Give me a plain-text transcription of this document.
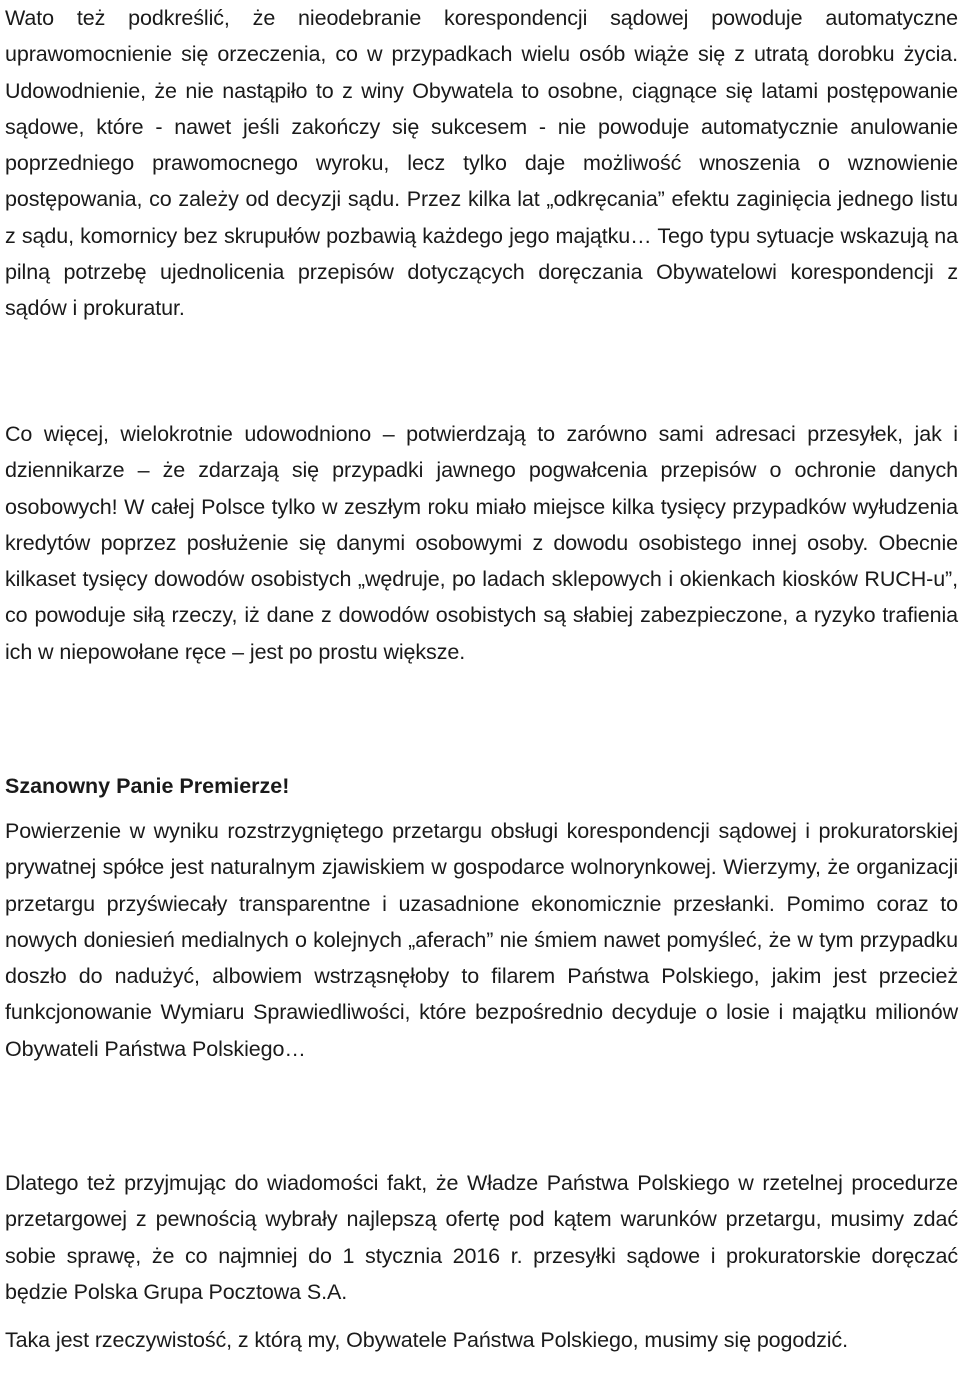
Wato też podkreślić, że nieodebranie korespondencji sądowej powoduje automatyczne uprawomocnienie się orzeczenia, co w przypadkach wielu osób wiąże się z utratą dorobku życia. Udowodnienie, że nie nastąpiło to z winy Obywatela to osobne, ciągnące się latami postępowanie sądowe, które - nawet jeśli zakończy się sukcesem - nie powoduje automatycznie anulowanie poprzedniego prawomocnego wyroku, lecz tylko daje możliwość wnoszenia o wznowienie postępowania, co zależy od decyzji sądu. Przez kilka lat „odkręcania” efektu zaginięcia jednego listu z sądu, komornicy bez skrupułów pozbawią każdego jego majątku… Tego typu sytuacje wskazują na pilną potrzebę ujednolicenia przepisów dotyczących doręczania Obywatelowi korespondencji z sądów i prokuratur.

Co więcej, wielokrotnie udowodniono – potwierdzają to zarówno sami adresaci przesyłek, jak i dziennikarze – że zdarzają się przypadki jawnego pogwałcenia przepisów o ochronie danych osobowych! W całej Polsce tylko w zeszłym roku miało miejsce kilka tysięcy przypadków wyłudzenia kredytów poprzez posłużenie się danymi osobowymi z dowodu osobistego innej osoby. Obecnie kilkaset tysięcy dowodów osobistych „wędruje, po ladach sklepowych i okienkach kiosków RUCH-u”, co powoduje siłą rzeczy, iż dane z dowodów osobistych są słabiej zabezpieczone, a ryzyko trafienia ich w niepowołane ręce – jest po prostu większe.

Szanowny Panie Premierze!

Powierzenie w wyniku rozstrzygniętego przetargu obsługi korespondencji sądowej i prokuratorskiej prywatnej spółce jest naturalnym zjawiskiem w gospodarce wolnorynkowej. Wierzymy, że organizacji przetargu przyświecały transparentne i uzasadnione ekonomicznie przesłanki. Pomimo coraz to nowych doniesień medialnych o kolejnych „aferach” nie śmiem nawet pomyśleć, że w tym przypadku doszło do nadużyć, albowiem wstrząsnęłoby to filarem Państwa Polskiego, jakim jest przecież funkcjonowanie Wymiaru Sprawiedliwości, które bezpośrednio decyduje o losie i majątku milionów Obywateli Państwa Polskiego…

Dlatego też przyjmując do wiadomości fakt, że Władze Państwa Polskiego w rzetelnej procedurze przetargowej z pewnością wybrały najlepszą ofertę pod kątem warunków przetargu, musimy zdać sobie sprawę, że co najmniej do 1 stycznia 2016 r. przesyłki sądowe i prokuratorskie doręczać będzie Polska Grupa Pocztowa S.A.

Taka jest rzeczywistość, z którą my, Obywatele Państwa Polskiego, musimy się pogodzić.
